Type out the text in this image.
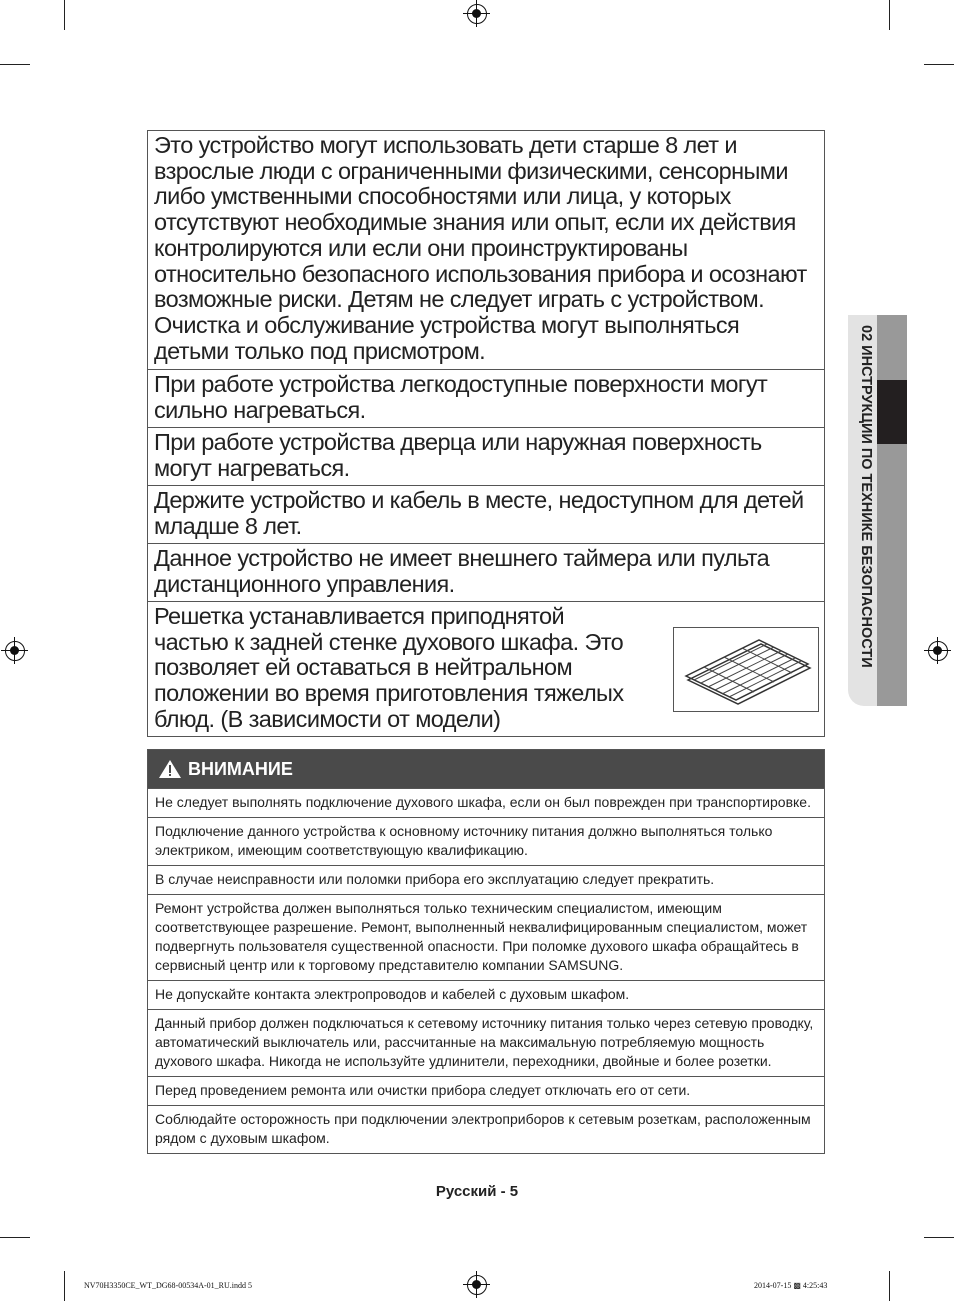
02 ИНСТРУКЦИИ ПО ТЕХНИКЕ БЕЗОПАСНОСТИ
Это устройство могут использовать дети старше 8 лет и взрослые люди с ограниченными физическими, сенсорными либо умственными способностями или лица, у которых отсутствуют необходимые знания или опыт, если их действия контролируются или если они проинструктированы относительно безопасного использования прибора и осознают возможные риски. Детям не следует играть с устройством. Очистка и обслуживание устройства могут выполняться детьми только под присмотром.
При работе устройства легкодоступные поверхности могут сильно нагреваться.
При работе устройства дверца или наружная поверхность могут нагреваться.
Держите устройство и кабель в месте, недоступном для детей младше 8 лет.
Данное устройство не имеет внешнего таймера или пульта дистанционного управления.
Решетка устанавливается приподнятой частью к задней стенке духового шкафа. Это позволяет ей оставаться в нейтральном положении во время приготовления тяжелых блюд. (В зависимости от модели)
ВНИМАНИЕ
Не следует выполнять подключение духового шкафа, если он был поврежден при транспортировке.
Подключение данного устройства к основному источнику питания должно выполняться только электриком, имеющим соответствующую квалификацию.
В случае неисправности или поломки прибора его эксплуатацию следует прекратить.
Ремонт устройства должен выполняться только техническим специалистом, имеющим соответствующее разрешение. Ремонт, выполненный неквалифицированным специалистом, может подвергнуть пользователя существенной опасности. При поломке духового шкафа обращайтесь в сервисный центр или к торговому представителю компании SAMSUNG.
Не допускайте контакта электропроводов и кабелей с духовым шкафом.
Данный прибор должен подключаться к сетевому источнику питания только через сетевую проводку, автоматический выключатель или, рассчитанные на максимальную потребляемую мощность духового шкафа. Никогда не используйте удлинители, переходники, двойные и более розетки.
Перед проведением ремонта или очистки прибора следует отключать его от сети.
Соблюдайте осторожность при подключении электроприборов к сетевым розеткам, расположенным рядом с духовым шкафом.
Русский - 5
NV70H3350CE_WT_DG68-00534A-01_RU.indd 5	2014-07-15 ▩ 4:25:43
